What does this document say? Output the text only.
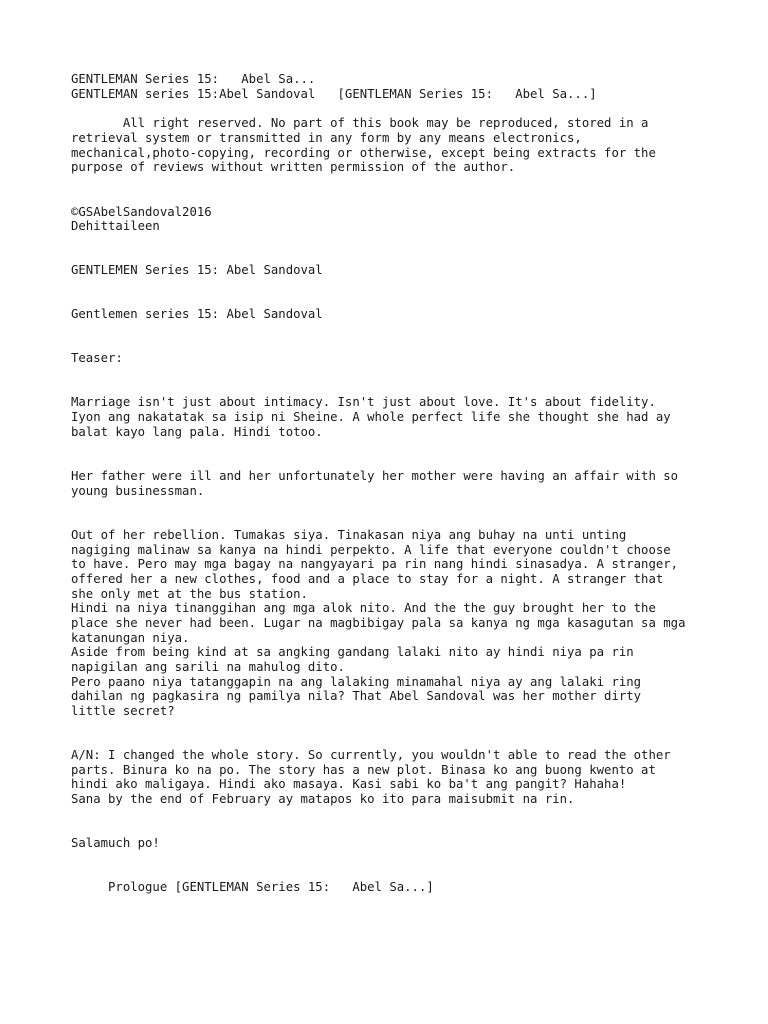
GENTLEMAN Series 15:   Abel Sa...

GENTLEMAN series 15:Abel Sandoval   [GENTLEMAN Series 15:   Abel Sa...]

All right reserved. No part of this book may be reproduced, stored in a

retrieval system or transmitted in any form by any means electronics,

mechanical,photo-copying, recording or otherwise, except being extracts for the

purpose of reviews without written permission of the author.

©GSAbelSandoval2016

Dehittaileen

GENTLEMEN Series 15: Abel Sandoval

Gentlemen series 15: Abel Sandoval

Teaser:

Marriage isn't just about intimacy. Isn't just about love. It's about fidelity.

Iyon ang nakatatak sa isip ni Sheine. A whole perfect life she thought she had ay

balat kayo lang pala. Hindi totoo.

Her father were ill and her unfortunately her mother were having an affair with so

young businessman.

Out of her rebellion. Tumakas siya. Tinakasan niya ang buhay na unti unting

nagiging malinaw sa kanya na hindi perpekto. A life that everyone couldn't choose

to have. Pero may mga bagay na nangyayari pa rin nang hindi sinasadya. A stranger,

offered her a new clothes, food and a place to stay for a night. A stranger that

she only met at the bus station.

Hindi na niya tinanggihan ang mga alok nito. And the the guy brought her to the

place she never had been. Lugar na magbibigay pala sa kanya ng mga kasagutan sa mga

katanungan niya.

Aside from being kind at sa angking gandang lalaki nito ay hindi niya pa rin

napigilan ang sarili na mahulog dito.

Pero paano niya tatanggapin na ang lalaking minamahal niya ay ang lalaki ring

dahilan ng pagkasira ng pamilya nila? That Abel Sandoval was her mother dirty

little secret?

A/N: I changed the whole story. So currently, you wouldn't able to read the other

parts. Binura ko na po. The story has a new plot. Binasa ko ang buong kwento at

hindi ako maligaya. Hindi ako masaya. Kasi sabi ko ba't ang pangit? Hahaha!

Sana by the end of February ay matapos ko ito para maisubmit na rin.

Salamuch po!

Prologue [GENTLEMAN Series 15:   Abel Sa...]
